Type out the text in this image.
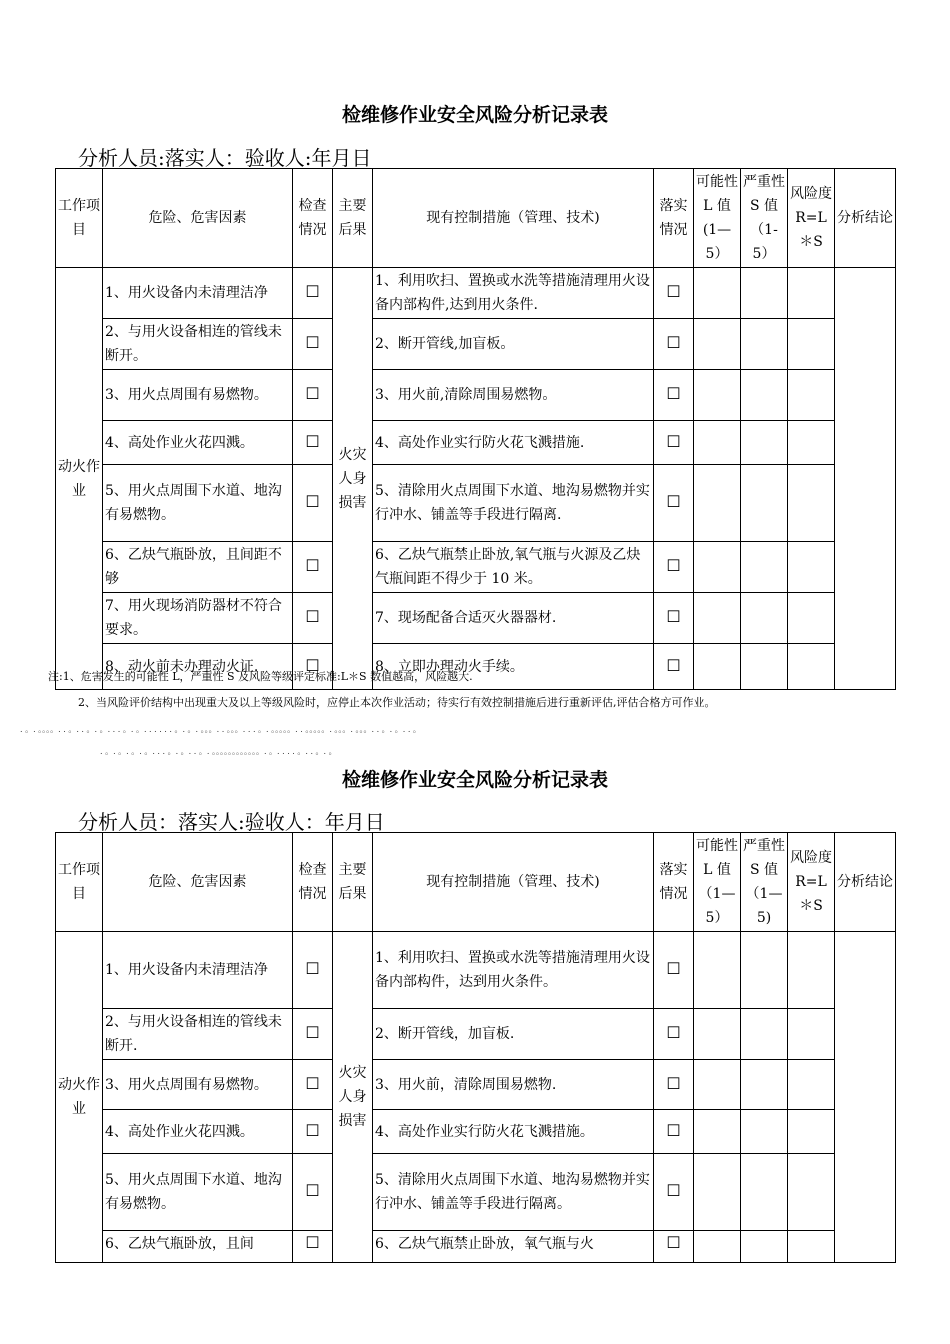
检维修作业安全风险分析记录表
分析人员:落实人：验收人:年月日
工作项目	危险、危害因素	检查情况	主要后果	现有控制措施（管理、技术)	落实情况	可能性 L 值(1—5）	严重性 S 值（1-5）	风险度 R=L＊S	分析结论
动火作业	1、用火设备内未清理洁净	☐	火灾人身损害	1、利用吹扫、置换或水洗等措施清理用火设备内部构件,达到用火条件.	☐				
	2、与用火设备相连的管线未断开。	☐		2、断开管线,加盲板。	☐				
	3、用火点周围有易燃物。	☐		3、用火前,清除周围易燃物。	☐				
	4、高处作业火花四溅。	☐		4、高处作业实行防火花飞溅措施.	☐				
	5、用火点周围下水道、地沟有易燃物。	☐		5、清除用火点周围下水道、地沟易燃物并实行冲水、铺盖等手段进行隔离.	☐				
	6、乙炔气瓶卧放，且间距不够	☐		6、乙炔气瓶禁止卧放,氧气瓶与火源及乙炔气瓶间距不得少于 10 米。	☐				
	7、用火现场消防器材不符合要求。	☐		7、现场配备合适灭火器器材.	☐				
	8、动火前未办理动火证.	☐		8、立即办理动火手续。	☐				
注:1、危害发生的可能性 L，严重性 S 及风险等级评定标准:L＊S 数值越高，风险越大.
2、当风险评价结构中出现重大及以上等级风险时，应停止本次作业活动；待实行有效控制措施后进行重新评估,评估合格方可作业。
. 。. 。。。。. . 。. . 。. 。. . . 。. 。. . . . . . 。. 。. 。。。. . 。。。. . . 。. 。。。。。. . 。。。。。. 。。。. 。。。. . 。. 。. . 。
. 。. 。. 。. 。. . . 。. 。. . 。. 。。。。。。。。。。。。. 。. . . . 。. . 。. 。
检维修作业安全风险分析记录表
分析人员：落实人:验收人：年月日
工作项目	危险、危害因素	检查情况	主要后果	现有控制措施（管理、技术)	落实情况	可能性 L 值（1—5）	严重性 S 值（1—5)	风险度 R=L＊S	分析结论
动火作业	1、用火设备内未清理洁净	☐	火灾人身损害	1、利用吹扫、置换或水洗等措施清理用火设备内部构件，达到用火条件。	☐				
	2、与用火设备相连的管线未断开.	☐		2、断开管线，加盲板.	☐				
	3、用火点周围有易燃物。	☐		3、用火前，清除周围易燃物.	☐				
	4、高处作业火花四溅。	☐		4、高处作业实行防火花飞溅措施。	☐				
	5、用火点周围下水道、地沟有易燃物。	☐		5、清除用火点周围下水道、地沟易燃物并实行冲水、铺盖等手段进行隔离。	☐				
	6、乙炔气瓶卧放，且间	☐		6、乙炔气瓶禁止卧放，氧气瓶与火	☐				
